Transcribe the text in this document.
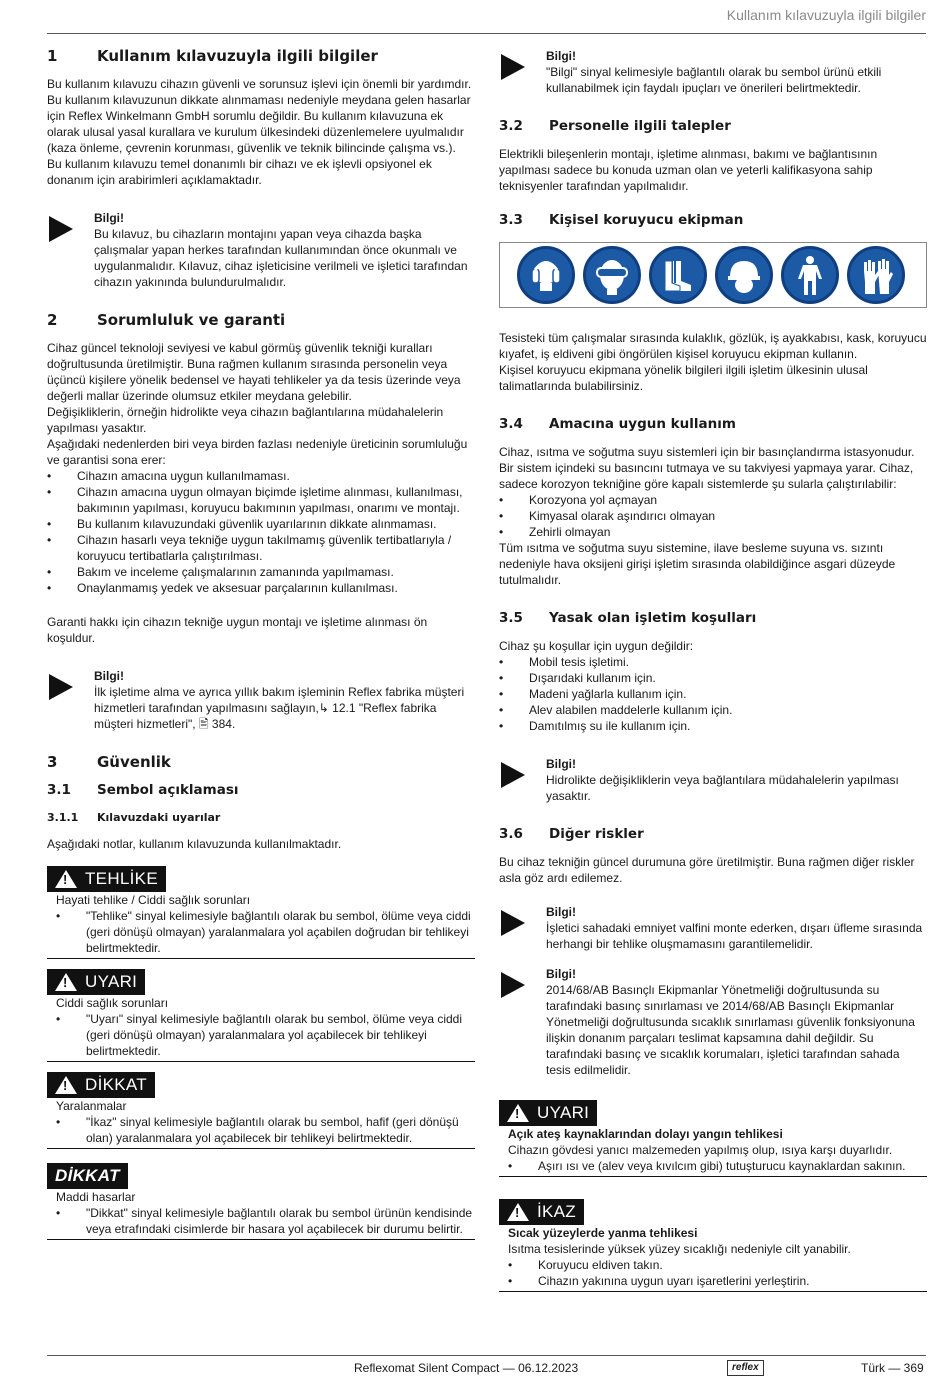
Kullanım kılavuzuyla ilgili bilgiler
1	Kullanım kılavuzuyla ilgili bilgiler

Bu kullanım kılavuzu cihazın güvenli ve sorunsuz işlevi için önemli bir yardımdır. Bu kullanım kılavuzunun dikkate alınmaması nedeniyle meydana gelen hasarlar için Reflex Winkelmann GmbH sorumlu değildir. Bu kullanım kılavuzuna ek olarak ulusal yasal kurallara ve kurulum ülkesindeki düzenlemelere uyulmalıdır (kaza önleme, çevrenin korunması, güvenlik ve teknik bilincinde çalışma vs.).

Bu kullanım kılavuzu temel donanımlı bir cihazı ve ek işlevli opsiyonel ek donanım için arabirimleri açıklamaktadır.

Bilgi!
Bu kılavuz, bu cihazların montajını yapan veya cihazda başka çalışmalar yapan herkes tarafından kullanımından önce okunmalı ve uygulanmalıdır. Kılavuz, cihaz işleticisine verilmeli ve işletici tarafından cihazın yakınında bulundurulmalıdır.
2	Sorumluluk ve garanti

Cihaz güncel teknoloji seviyesi ve kabul görmüş güvenlik tekniği kuralları doğrultusunda üretilmiştir. Buna rağmen kullanım sırasında personelin veya üçüncü kişilere yönelik bedensel ve hayati tehlikeler ya da tesis üzerinde veya değerli mallar üzerinde olumsuz etkiler meydana gelebilir.

Değişikliklerin, örneğin hidrolikte veya cihazın bağlantılarına müdahalelerin yapılması yasaktır.

Aşağıdaki nedenlerden biri veya birden fazlası nedeniyle üreticinin sorumluluğu ve garantisi sona erer:

•	Cihazın amacına uygun kullanılmaması.
•	Cihazın amacına uygun olmayan biçimde işletime alınması, kullanılması, bakımının yapılması, koruyucu bakımının yapılması, onarımı ve montajı.
•	Bu kullanım kılavuzundaki güvenlik uyarılarının dikkate alınmaması.
•	Cihazın hasarlı veya tekniğe uygun takılmamış güvenlik tertibatlarıyla / koruyucu tertibatlarla çalıştırılması.
•	Bakım ve inceleme çalışmalarının zamanında yapılmaması.
•	Onaylanmamış yedek ve aksesuar parçalarının kullanılması.

Garanti hakkı için cihazın tekniğe uygun montajı ve işletime alınması ön koşuldur.

Bilgi!
İlk işletime alma ve ayrıca yıllık bakım işleminin Reflex fabrika müşteri hizmetleri tarafından yapılmasını sağlayın,↳ 12.1 "Reflex fabrika müşteri hizmetleri", 🖹 384.
3	Güvenlik
3.1	Sembol açıklaması
3.1.1	Kılavuzdaki uyarılar

Aşağıdaki notlar, kullanım kılavuzunda kullanılmaktadır.

!
TEHLİKE
Hayati tehlike / Ciddi sağlık sorunları
•	"Tehlike" sinyal kelimesiyle bağlantılı olarak bu sembol, ölüme veya ciddi (geri dönüşü olmayan) yaralanmalara yol açabilen doğrudan bir tehlikeyi belirtmektedir.
!
UYARI
Ciddi sağlık sorunları
•	"Uyarı" sinyal kelimesiyle bağlantılı olarak bu sembol, ölüme veya ciddi (geri dönüşü olmayan) yaralanmalara yol açabilecek bir tehlikeyi belirtmektedir.
!
DİKKAT
Yaralanmalar
•	"İkaz" sinyal kelimesiyle bağlantılı olarak bu sembol, hafif (geri dönüşü olan) yaralanmalara yol açabilecek bir tehlikeyi belirtmektedir.
DİKKAT
Maddi hasarlar
•	"Dikkat" sinyal kelimesiyle bağlantılı olarak bu sembol ürünün kendisinde veya etrafındaki cisimlerde bir hasara yol açabilecek bir durumu belirtir.
Bilgi!
"Bilgi" sinyal kelimesiyle bağlantılı olarak bu sembol ürünü etkili kullanabilmek için faydalı ipuçları ve önerileri belirtmektedir.
3.2	Personelle ilgili talepler

Elektrikli bileşenlerin montajı, işletime alınması, bakımı ve bağlantısının yapılması sadece bu konuda uzman olan ve yeterli kalifikasyona sahip teknisyenler tarafından yapılmalıdır.

3.3	Kişisel koruyucu ekipman

Tesisteki tüm çalışmalar sırasında kulaklık, gözlük, iş ayakkabısı, kask, koruyucu kıyafet, iş eldiveni gibi öngörülen kişisel koruyucu ekipman kullanın.

Kişisel koruyucu ekipmana yönelik bilgileri ilgili işletim ülkesinin ulusal talimatlarında bulabilirsiniz.

3.4	Amacına uygun kullanım

Cihaz, ısıtma ve soğutma suyu sistemleri için bir basınçlandırma istasyonudur. Bir sistem içindeki su basıncını tutmaya ve su takviyesi yapmaya yarar. Cihaz, sadece korozyon tekniğine göre kapalı sistemlerde şu sularla çalıştırılabilir:

•	Korozyona yol açmayan
•	Kimyasal olarak aşındırıcı olmayan
•	Zehirli olmayan

Tüm ısıtma ve soğutma suyu sistemine, ilave besleme suyuna vs. sızıntı nedeniyle hava oksijeni girişi işletim sırasında olabildiğince asgari düzeyde tutulmalıdır.

3.5	Yasak olan işletim koşulları

Cihaz şu koşullar için uygun değildir:

•	Mobil tesis işletimi.
•	Dışarıdaki kullanım için.
•	Madeni yağlarla kullanım için.
•	Alev alabilen maddelerle kullanım için.
•	Damıtılmış su ile kullanım için.
Bilgi!
Hidrolikte değişikliklerin veya bağlantılara müdahalelerin yapılması yasaktır.
3.6	Diğer riskler

Bu cihaz tekniğin güncel durumuna göre üretilmiştir. Buna rağmen diğer riskler asla göz ardı edilemez.

Bilgi!
İşletici sahadaki emniyet valfini monte ederken, dışarı üfleme sırasında herhangi bir tehlike oluşmamasını garantilemelidir.
Bilgi!
2014/68/AB Basınçlı Ekipmanlar Yönetmeliği doğrultusunda su tarafındaki basınç sınırlaması ve 2014/68/AB Basınçlı Ekipmanlar Yönetmeliği doğrultusunda sıcaklık sınırlaması güvenlik fonksiyonuna ilişkin donanım parçaları teslimat kapsamına dahil değildir. Su tarafındaki basınç ve sıcaklık korumaları, işletici tarafından sahada tesis edilmelidir.
!
UYARI
Açık ateş kaynaklarından dolayı yangın tehlikesi
Cihazın gövdesi yanıcı malzemeden yapılmış olup, ısıya karşı duyarlıdır.
•	Aşırı ısı ve (alev veya kıvılcım gibi) tutuşturucu kaynaklardan sakının.
!
İKAZ
Sıcak yüzeylerde yanma tehlikesi
Isıtma tesislerinde yüksek yüzey sıcaklığı nedeniyle cilt yanabilir.
•	Koruyucu eldiven takın.
•	Cihazın yakınına uygun uyarı işaretlerini yerleştirin.
Reflexomat Silent Compact — 06.12.2023	reflex	Türk — 369
